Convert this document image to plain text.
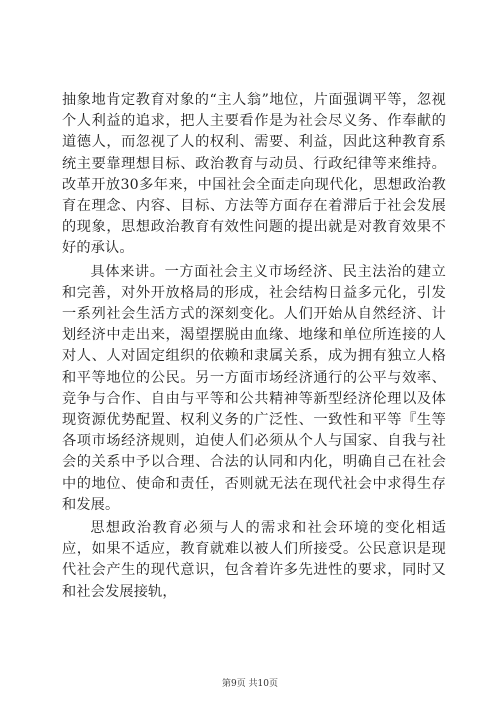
抽象地肯定教育对象的“主人翁”地位，片面强调平等，忽视个人利益的追求，把人主要看作是为社会尽义务、作奉献的道德人，而忽视了人的权利、需要、利益，因此这种教育系统主要靠理想目标、政治教育与动员、行政纪律等来维持。改革开放30多年来，中国社会全面走向现代化，思想政治教育在理念、内容、目标、方法等方面存在着滞后于社会发展的现象，思想政治教育有效性问题的提出就是对教育效果不好的承认。

具体来讲。一方面社会主义市场经济、民主法治的建立和完善，对外开放格局的形成，社会结构日益多元化，引发一系列社会生活方式的深刻变化。人们开始从自然经济、计划经济中走出来，渴望摆脱由血缘、地缘和单位所连接的人对人、人对固定组织的依赖和隶属关系，成为拥有独立人格和平等地位的公民。另一方面市场经济通行的公平与效率、竞争与合作、自由与平等和公共精神等新型经济伦理以及体现资源优势配置、权利义务的广泛性、一致性和平等『生等各项市场经济规则，迫使人们必须从个人与国家、自我与社会的关系中予以合理、合法的认同和内化，明确自己在社会中的地位、使命和责任，否则就无法在现代社会中求得生存和发展。

思想政治教育必须与人的需求和社会环境的变化相适应，如果不适应，教育就难以被人们所接受。公民意识是现代社会产生的现代意识，包含着许多先进性的要求，同时又和社会发展接轨，

第9页 共10页
